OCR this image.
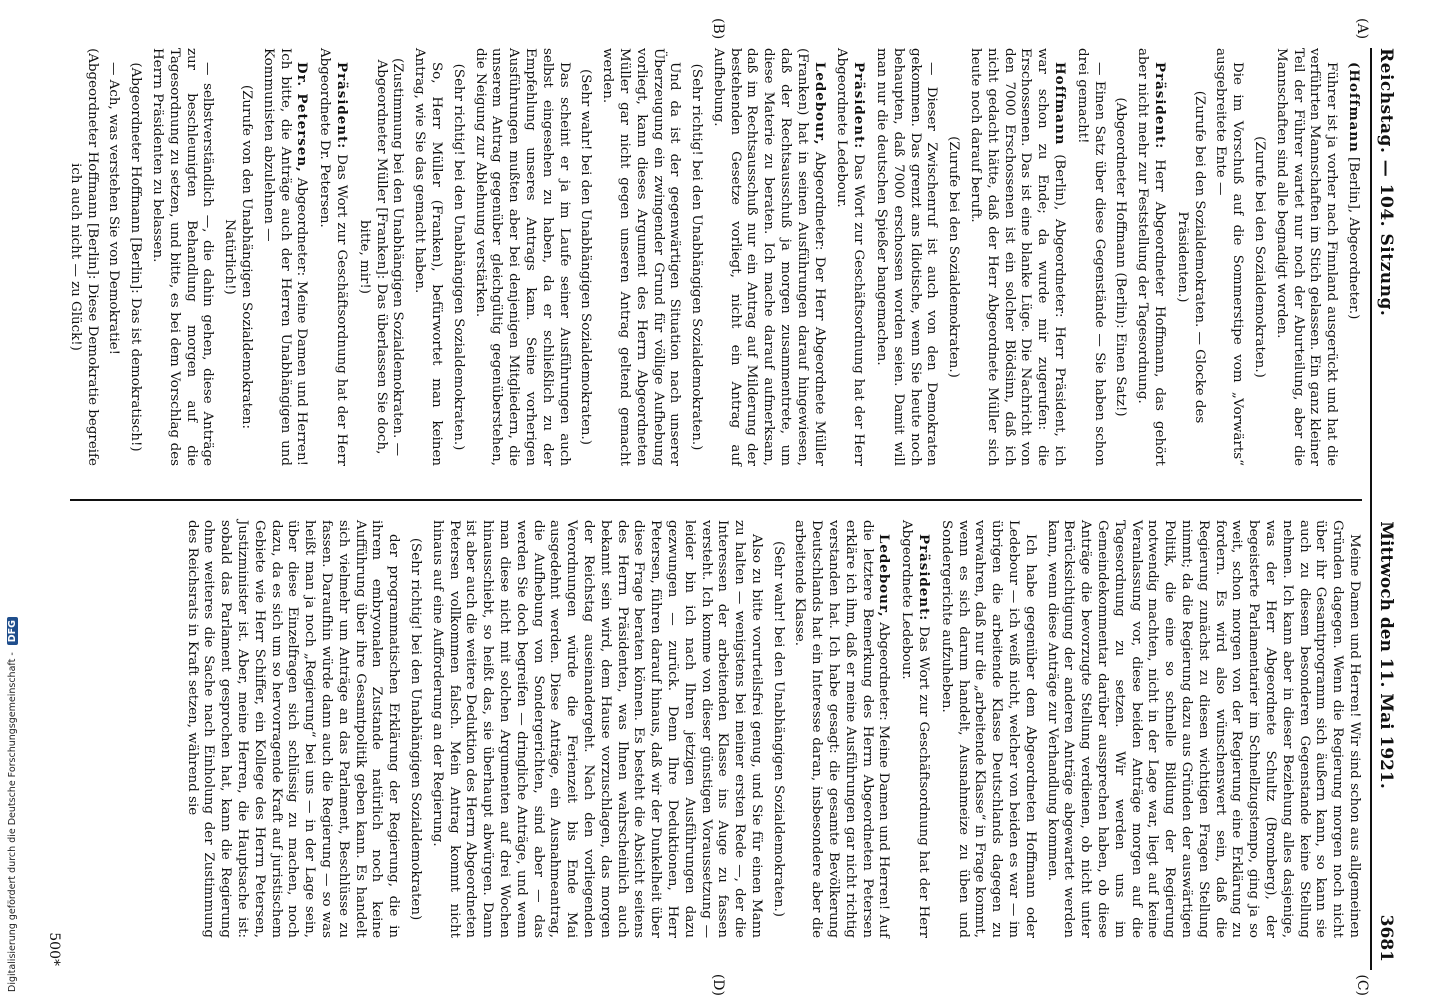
Reichstag. — 104. Sitzung.
Mittwoch den 11. Mai 1921. 3681
(A)
(B)
(C)
(D)

(Hoffmann [Berlin], Abgeordneter.)

Führer ist ja vorher nach Finnland ausgerückt und hat die verführten Mannschaften im Stich gelassen. Ein ganz kleiner Teil der Führer wartet nur noch der Aburteilung, aber die Mannschaften sind alle begnadigt worden.

(Zurufe bei den Sozialdemokraten.)

Die im Vorschuß auf die Sommerstipe vom „Vorwärts“ ausgebreitete Ente —

(Zurufe bei den Sozialdemokraten. — Glocke des Präsidenten.)

Präsident: Herr Abgeordneter Hoffmann, das gehört aber nicht mehr zur Feststellung der Tagesordnung.

(Abgeordneter Hoffmann (Berlin): Einen Satz!)

— Einen Satz über diese Gegenstände — Sie haben schon drei gemacht!

Hoffmann (Berlin), Abgeordneter: Herr Präsident, ich war schon zu Ende; da wurde mir zugerufen: die Erschossenen. Das ist eine blanke Lüge. Die Nachricht von den 7000 Erschossenen ist ein solcher Blödsinn, daß ich nicht gedacht hätte, daß der Herr Abgeordnete Müller sich heute noch darauf beruft.

(Zurufe bei den Sozialdemokraten.)

— Dieser Zwischenruf ist auch von den Demokraten gekommen. Das grenzt ans Idiotische, wenn Sie heute noch behaupten, daß 7000 erschossen worden seien. Damit will man nur die deutschen Spießer bangemachen.

Präsident: Das Wort zur Geschäftsordnung hat der Herr Abgeordnete Ledebour.

Ledebour, Abgeordneter: Der Herr Abgeordnete Müller (Franken) hat in seinen Ausführungen darauf hingewiesen, daß der Rechtsausschuß ja morgen zusammentrete, um diese Materie zu beraten. Ich mache darauf aufmerksam, daß im Rechtsausschuß nur ein Antrag auf Milderung der bestehenden Gesetze vorliegt, nicht ein Antrag auf Aufhebung.

(Sehr richtig! bei den Unabhängigen Sozialdemokraten.)

Und da ist der gegenwärtigen Situation nach unserer Überzeugung ein zwingender Grund für völlige Aufhebung vorliegt, kann dieses Argument des Herrn Abgeordneten Müller gar nicht gegen unseren Antrag geltend gemacht werden.

(Sehr wahr! bei den Unabhängigen Sozialdemokraten.)

Das scheint er ja im Laufe seiner Ausführungen auch selbst eingesehen zu haben, da er schließlich zu der Empfehlung unseres Antrags kam. Seine vorherigen Ausführungen mußten aber bei denjenigen Mitgliedern, die unserem Antrag gegenüber gleichgültig gegenüberstehen, die Neigung zur Ablehnung verstärken.

(Sehr richtig! bei den Unabhängigen Sozialdemokraten.)

So, Herr Müller (Franken), befürwortet man keinen Antrag, wie Sie das gemacht haben.

(Zustimmung bei den Unabhängigen Sozialdemokraten. — Abgeordneter Müller [Franken]: Das überlassen Sie doch, bitte, mir!)

Präsident: Das Wort zur Geschäftsordnung hat der Herr Abgeordnete Dr. Petersen.

Dr. Petersen, Abgeordneter: Meine Damen und Herren! Ich bitte, die Anträge auch der Herren Unabhängigen und Kommunisten abzulehnen —

(Zurufe von den Unabhängigen Sozialdemokraten: Natürlich!)

— selbstverständlich —, die dahin gehen, diese Anträge zur beschleunigten Behandlung morgen auf die Tagesordnung zu setzen, und bitte, es bei dem Vorschlag des Herrn Präsidenten zu belassen.

(Abgeordneter Hoffmann [Berlin]: Das ist demokratisch!)

— Ach, was verstehen Sie von Demokratie!

(Abgeordneter Hoffmann [Berlin]: Diese Demokratie begreife ich auch nicht — zu Glück!)

Meine Damen und Herren! Wir sind schon aus allgemeinen Gründen dagegen. Wenn die Regierung morgen noch nicht über ihr Gesamtprogramm sich äußern kann, so kann sie auch zu diesem besonderen Gegenstande keine Stellung nehmen. Ich kann aber in dieser Beziehung alles dasjenige, was der Herr Abgeordnete Schultz (Bromberg), der begeisterte Parlamentarier im Schnellzugstempo, ging ja so weit, schon morgen von der Regierung eine Erklärung zu fordern. Es wird also wünschenswert sein, daß die Regierung zunächst zu diesen wichtigen Fragen Stellung nimmt; da die Regierung dazu aus Gründen der auswärtigen Politik, die eine so schnelle Bildung der Regierung notwendig machten, nicht in der Lage war, liegt auf keine Veranlassung vor, diese beiden Anträge morgen auf die Tagesordnung zu setzen. Wir werden uns im Gemeindekommentar darüber aussprechen haben, ob diese Anträge die bevorzugte Stellung verdienen, ob nicht unter Berücksichtigung der anderen Anträge abgewartet werden kann, wenn diese Anträge zur Verhandlung kommen.

Ich habe gegenüber dem Abgeordneten Hoffmann oder Ledebour — ich weiß nicht, welcher von beiden es war — im übrigen die arbeitende Klasse Deutschlands dagegen zu verwahren, daß nur die „arbeitende Klasse“ in Frage kommt, wenn es sich darum handelt, Ausnahmeize zu üben und Sondergerichte aufzuheben.

Präsident: Das Wort zur Geschäftsordnung hat der Herr Abgeordnete Ledebour.

Ledebour, Abgeordneter: Meine Damen und Herren! Auf die letztere Bemerkung des Herrn Abgeordneten Petersen erkläre ich ihm, daß er meine Ausführungen gar nicht richtig verstanden hat. Ich habe gesagt: die gesamte Bevölkerung Deutschlands hat ein Interesse daran, insbesondere aber die arbeitende Klasse.

(Sehr wahr! bei den Unabhängigen Sozialdemokraten.)

Also zu bitte vorurteilsfrei genug, und Sie für einen Mann zu halten — wenigstens bei meiner ersten Rede —, der die Interessen der arbeitenden Klasse ins Auge zu fassen versteht. Ich komme von dieser günstigen Voraussetzung — leider bin ich nach Ihren jetzigen Ausführungen dazu gezwungen — zurück. Denn Ihre Deduktionen, Herr Petersen, führen darauf hinaus, daß wir der Dunkelheit über diese Frage beraten können. Es besteht die Absicht seitens des Herrn Präsidenten, was Ihnen wahrscheinlich auch bekannt sein wird, dem Hause vorzuschlagen, das morgen der Reichstag auseinandergeht. Nach den vorliegenden Verordnungen würde die Ferienzeit bis Ende Mai ausgedehnt werden. Diese Anträge, ein Ausnahmeantrag, die Aufhebung von Sondergerichten, sind aber — das werden Sie doch begreifen — dringliche Anträge, und wenn man diese nicht mit solchen Argumenten auf drei Wochen hinausschiebt, so heißt das, sie überhaupt abwürgen. Dann ist aber auch die weitere Deduktion des Herrn Abgeordneten Petersen vollkommen falsch. Mein Antrag kommt nicht hinaus auf eine Aufforderung an der Regierung.

(Sehr richtig! bei den Unabhängigen Sozialdemokraten)

der programmatischen Erklärung der Regierung, die in ihrem embryonalen Zustande natürlich noch keine Aufführung über ihre Gesamtpolitik geben kann. Es handelt sich vielmehr um Anträge an das Parlament, Beschlüsse zu fassen. Daraufhin würde dann auch die Regierung — so was heißt man ja noch „Regierung“ bei uns — in der Lage sein, über diese Einzelfragen sich schlüssig zu machen, noch dazu, da es sich um so hervorragende Kraft auf juristischem Gebiete wie Herr Schiffer, ein Kollege des Herrn Petersen, Justizminister ist. Aber, meine Herren, die Hauptsache ist: sobald das Parlament gesprochen hat, kann die Regierung ohne weiteres die Sache nach Einholung der Zustimmung des Reichsrats in Kraft setzen, während sie

500*
Digitalisierung gefördert durch die Deutsche Forschungsgemeinschaft - DFG
